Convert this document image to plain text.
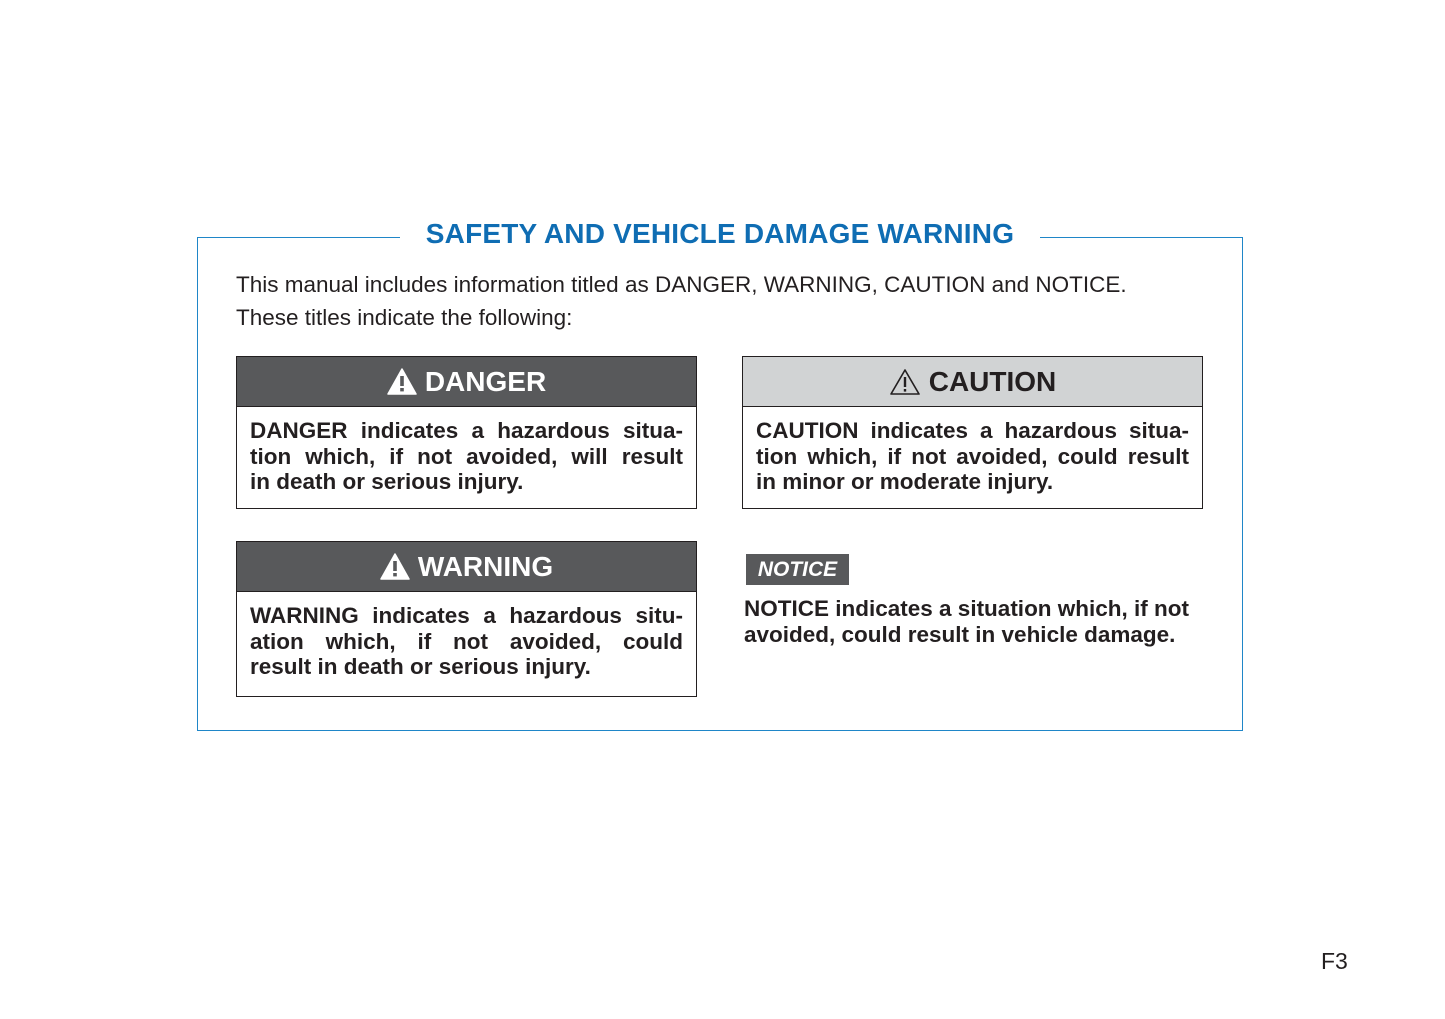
SAFETY AND VEHICLE DAMAGE WARNING
This manual includes information titled as DANGER, WARNING, CAUTION and NOTICE.
These titles indicate the following:
DANGER
DANGER indicates a hazardous situa-
tion which, if not avoided, will result
in death or serious injury.
CAUTION
CAUTION indicates a hazardous situa-
tion which, if not avoided, could result
in minor or moderate injury.
WARNING
WARNING indicates a hazardous situ-
ation which, if not avoided, could
result in death or serious injury.
NOTICE
NOTICE indicates a situation which, if not
avoided, could result in vehicle damage.
F3
